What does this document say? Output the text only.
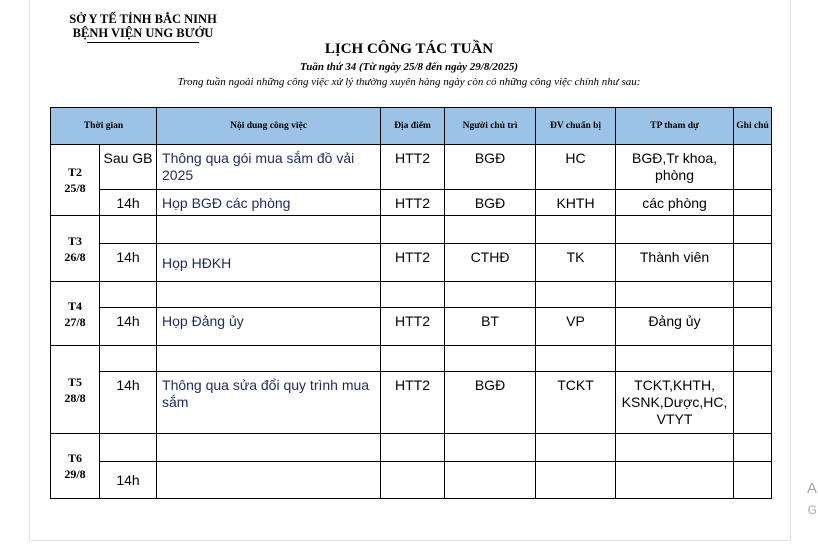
SỞ Y TẾ TỈNH BẮC NINH
BỆNH VIỆN UNG BƯỚU
LỊCH CÔNG TÁC TUẦN
Tuần thứ 34 (Từ ngày 25/8 đến ngày 29/8/2025)
Trong tuần ngoài những công việc xử lý thường xuyên hàng ngày còn có những công việc chính như sau:
Thời gian		Nội dung công việc	Địa điểm	Người chủ trì	ĐV chuẩn bị	TP tham dự	Ghi chú
T2
25/8	Sau GB	Thông qua gói mua sắm đồ vải 2025	HTT2	BGĐ	HC	BGĐ,Tr khoa, phòng	
	14h	Họp BGĐ các phòng	HTT2	BGĐ	KHTH	các phòng	
T3
26/8							
	14h	Họp HĐKH	HTT2	CTHĐ	TK	Thành viên	
T4
27/8							
	14h	Họp Đảng ủy	HTT2	BT	VP	Đảng ủy	
T5
28/8							
	14h	Thông qua sửa đổi quy trình mua sắm	HTT2	BGĐ	TCKT	TCKT,KHTH, KSNK,Dược,HC, VTYT	
T6
29/8							
	14h						
A
G
